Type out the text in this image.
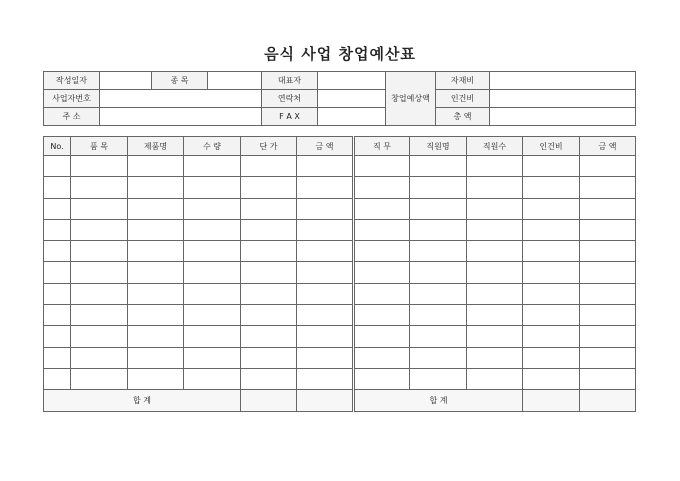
음식 사업 창업예산표
작성일자		종 목		대표자		창업예상액	자재비	
사업자번호				연락처			인건비	
주 소				F A X			총 액	
No.	품 목	제품명	수 량	단 가	금 액	직 무	직원명	직원수	인건비	금 액

합 계						합 계				
